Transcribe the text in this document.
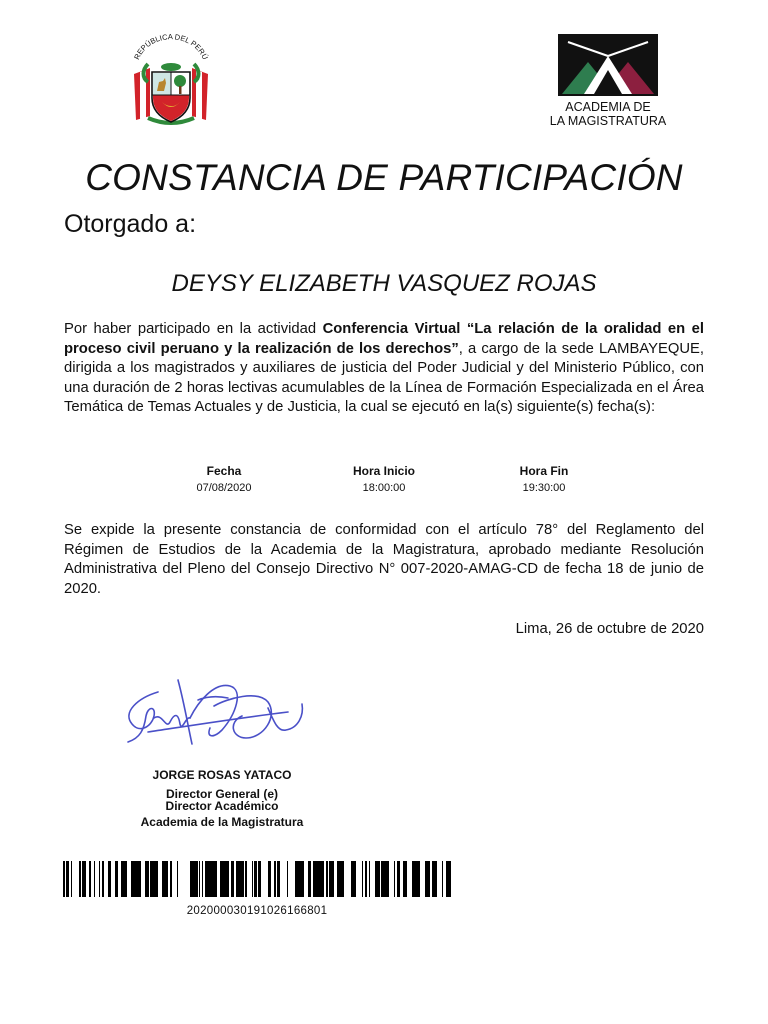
REPÚBLICA DEL PERÚ
ACADEMIA DE
LA MAGISTRATURA
CONSTANCIA DE PARTICIPACIÓN
Otorgado a:
DEYSY ELIZABETH VASQUEZ ROJAS
Por haber participado en la actividad Conferencia Virtual “La relación de la oralidad en el proceso civil peruano y la realización de los derechos”, a cargo de la sede LAMBAYEQUE, dirigida a los magistrados y auxiliares de justicia del Poder Judicial y del Ministerio Público, con una duración de 2 horas lectivas acumulables de la Línea de Formación Especializada en el Área Temática de Temas Actuales y de Justicia, la cual se ejecutó en la(s) siguiente(s) fecha(s):
Fecha
07/08/2020
Hora Inicio
18:00:00
Hora Fin
19:30:00
Se expide la presente constancia de conformidad con el artículo 78° del Reglamento del Régimen de Estudios de la Academia de la Magistratura, aprobado mediante Resolución Administrativa del Pleno del Consejo Directivo N° 007-2020-AMAG-CD de fecha 18 de junio de 2020.
Lima, 26 de octubre de 2020
JORGE ROSAS YATACO
Director General (e)
Director Académico
Academia de la Magistratura
20200003019102616680​1
